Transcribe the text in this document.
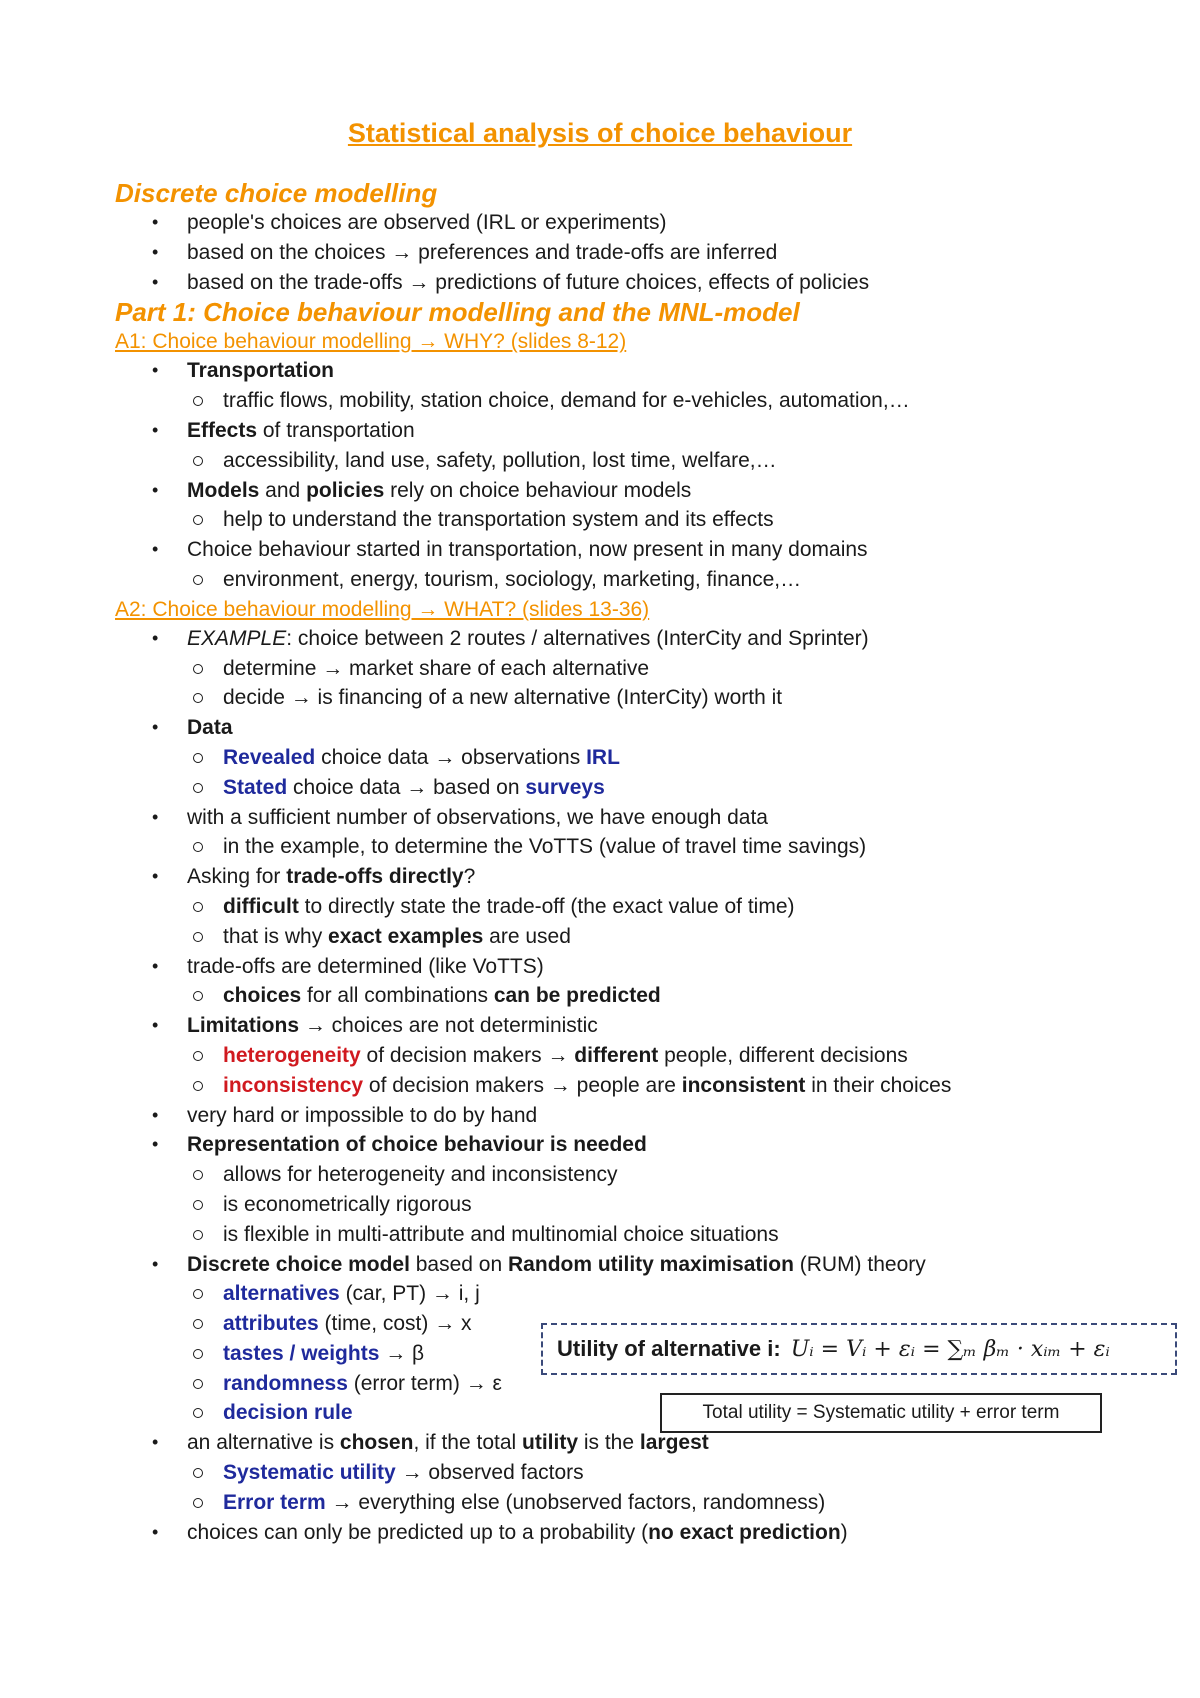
Statistical analysis of choice behaviour
Discrete choice modelling
• people's choices are observed (IRL or experiments)
• based on the choices → preferences and trade-offs are inferred
• based on the trade-offs → predictions of future choices, effects of policies
Part 1: Choice behaviour modelling and the MNL-model
A1: Choice behaviour modelling → WHY? (slides 8-12)
• Transportation
traffic flows, mobility, station choice, demand for e-vehicles, automation,…
• Effects of transportation
accessibility, land use, safety, pollution, lost time, welfare,…
• Models and policies rely on choice behaviour models
help to understand the transportation system and its effects
• Choice behaviour started in transportation, now present in many domains
environment, energy, tourism, sociology, marketing, finance,…
A2: Choice behaviour modelling → WHAT? (slides 13-36)
• EXAMPLE: choice between 2 routes / alternatives (InterCity and Sprinter)
determine → market share of each alternative
decide → is financing of a new alternative (InterCity) worth it
• Data
Revealed choice data → observations IRL
Stated choice data → based on surveys
• with a sufficient number of observations, we have enough data
in the example, to determine the VoTTS (value of travel time savings)
• Asking for trade-offs directly?
difficult to directly state the trade-off (the exact value of time)
that is why exact examples are used
• trade-offs are determined (like VoTTS)
choices for all combinations can be predicted
• Limitations → choices are not deterministic
heterogeneity of decision makers → different people, different decisions
inconsistency of decision makers → people are inconsistent in their choices
• very hard or impossible to do by hand
• Representation of choice behaviour is needed
allows for heterogeneity and inconsistency
is econometrically rigorous
is flexible in multi-attribute and multinomial choice situations
• Discrete choice model based on Random utility maximisation (RUM) theory
alternatives (car, PT) → i, j
attributes (time, cost) → x
tastes / weights → β
randomness (error term) → ε
decision rule
• an alternative is chosen, if the total utility is the largest
Systematic utility → observed factors
Error term → everything else (unobserved factors, randomness)
• choices can only be predicted up to a probability (no exact prediction)
Utility of alternative i: Uᵢ = Vᵢ + εᵢ = ∑ₘ βₘ · xᵢₘ + εᵢ
Total utility = Systematic utility + error term
